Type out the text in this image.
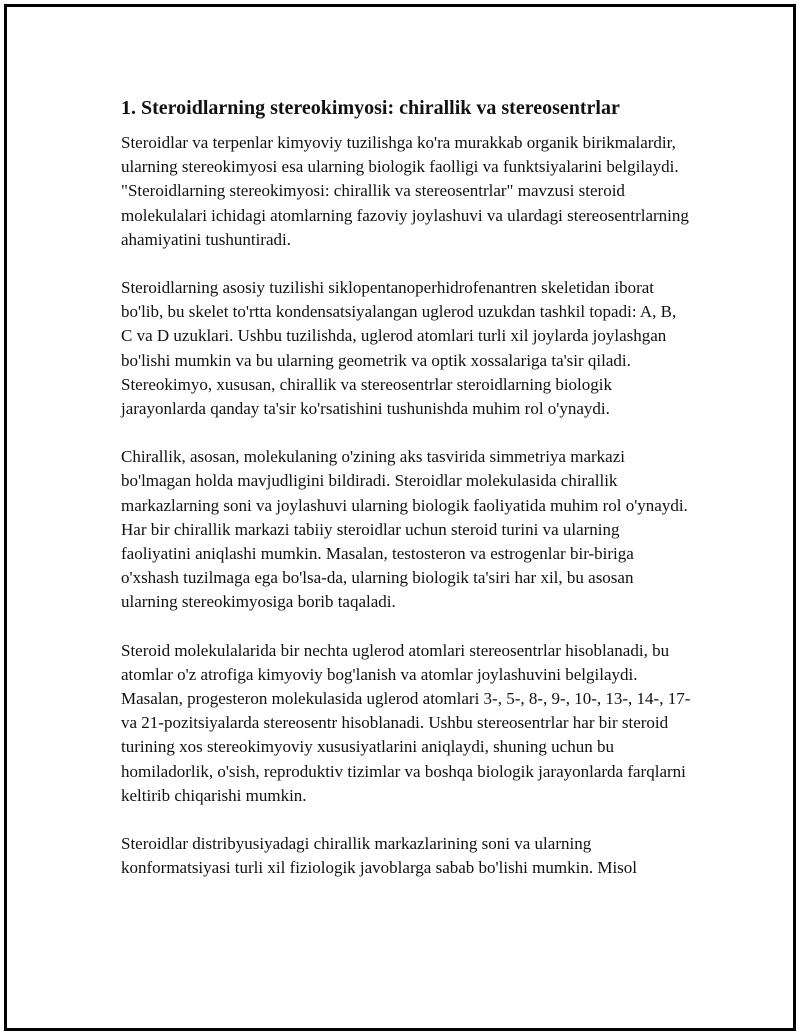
1. Steroidlarning stereokimyosi: chirallik va stereosentrlar

Steroidlar va terpenlar kimyoviy tuzilishga ko'ra murakkab organik birikmalardir, ularning stereokimyosi esa ularning biologik faolligi va funktsiyalarini belgilaydi. "Steroidlarning stereokimyosi: chirallik va stereosentrlar" mavzusi steroid molekulalari ichidagi atomlarning fazoviy joylashuvi va ulardagi stereosentrlarning ahamiyatini tushuntiradi.

Steroidlarning asosiy tuzilishi siklopentanoperhidrofenantren skeletidan iborat bo'lib, bu skelet to'rtta kondensatsiyalangan uglerod uzukdan tashkil topadi: A, B, C va D uzuklari. Ushbu tuzilishda, uglerod atomlari turli xil joylarda joylashgan bo'lishi mumkin va bu ularning geometrik va optik xossalariga ta'sir qiladi. Stereokimyo, xususan, chirallik va stereosentrlar steroidlarning biologik jarayonlarda qanday ta'sir ko'rsatishini tushunishda muhim rol o'ynaydi.

Chirallik, asosan, molekulaning o'zining aks tasvirida simmetriya markazi bo'lmagan holda mavjudligini bildiradi. Steroidlar molekulasida chirallik markazlarning soni va joylashuvi ularning biologik faoliyatida muhim rol o'ynaydi. Har bir chirallik markazi tabiiy steroidlar uchun steroid turini va ularning faoliyatini aniqlashi mumkin. Masalan, testosteron va estrogenlar bir-biriga o'xshash tuzilmaga ega bo'lsa-da, ularning biologik ta'siri har xil, bu asosan ularning stereokimyosiga borib taqaladi.

Steroid molekulalarida bir nechta uglerod atomlari stereosentrlar hisoblanadi, bu atomlar o'z atrofiga kimyoviy bog'lanish va atomlar joylashuvini belgilaydi. Masalan, progesteron molekulasida uglerod atomlari 3-, 5-, 8-, 9-, 10-, 13-, 14-, 17-va 21-pozitsiyalarda stereosentr hisoblanadi. Ushbu stereosentrlar har bir steroid turining xos stereokimyoviy xususiyatlarini aniqlaydi, shuning uchun bu homiladorlik, o'sish, reproduktiv tizimlar va boshqa biologik jarayonlarda farqlarni keltirib chiqarishi mumkin.

Steroidlar distribyusiyadagi chirallik markazlarining soni va ularning konformatsiyasi turli xil fiziologik javoblarga sabab bo'lishi mumkin. Misol
